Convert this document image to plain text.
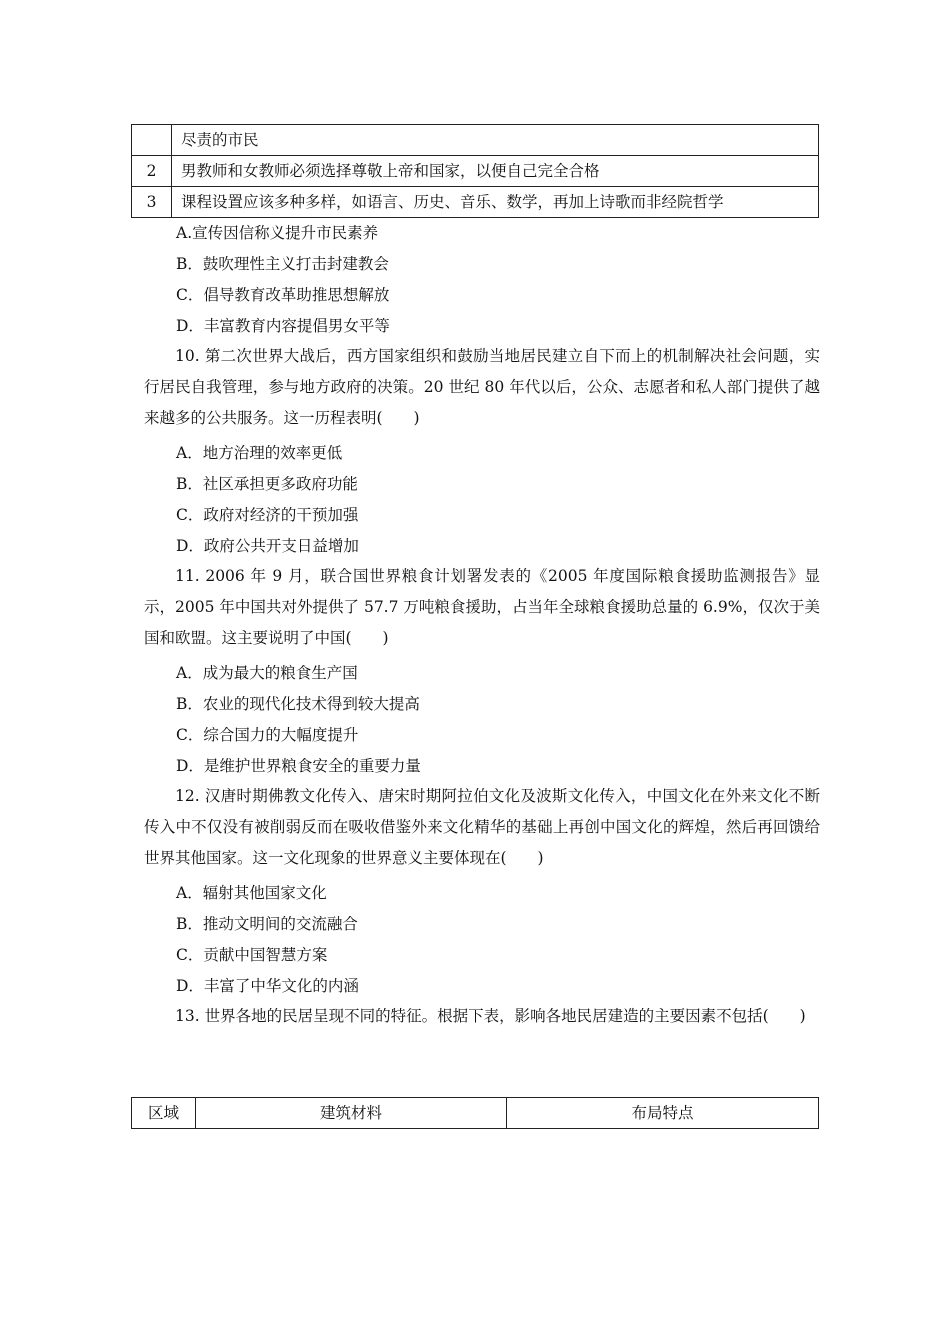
	尽责的市民
2	男教师和女教师必须选择尊敬上帝和国家，以便自己完全合格
3	课程设置应该多种多样，如语言、历史、音乐、数学，再加上诗歌而非经院哲学
A.宣传因信称义提升市民素养
B．鼓吹理性主义打击封建教会
C．倡导教育改革助推思想解放
D．丰富教育内容提倡男女平等
10. 第二次世界大战后，西方国家组织和鼓励当地居民建立自下而上的机制解决社会问题，实行居民自我管理，参与地方政府的决策。20 世纪 80 年代以后，公众、志愿者和私人部门提供了越来越多的公共服务。这一历程表明(　　)
A．地方治理的效率更低
B．社区承担更多政府功能
C．政府对经济的干预加强
D．政府公共开支日益增加
11. 2006 年 9 月，联合国世界粮食计划署发表的《2005 年度国际粮食援助监测报告》显示，2005 年中国共对外提供了 57.7 万吨粮食援助，占当年全球粮食援助总量的 6.9%，仅次于美国和欧盟。这主要说明了中国(　　)
A．成为最大的粮食生产国
B．农业的现代化技术得到较大提高
C．综合国力的大幅度提升
D．是维护世界粮食安全的重要力量
12. 汉唐时期佛教文化传入、唐宋时期阿拉伯文化及波斯文化传入，中国文化在外来文化不断传入中不仅没有被削弱反而在吸收借鉴外来文化精华的基础上再创中国文化的辉煌，然后再回馈给世界其他国家。这一文化现象的世界意义主要体现在(　　)
A．辐射其他国家文化
B．推动文明间的交流融合
C．贡献中国智慧方案
D．丰富了中华文化的内涵
13. 世界各地的民居呈现不同的特征。根据下表，影响各地民居建造的主要因素不包括(　　)
区域	建筑材料	布局特点
